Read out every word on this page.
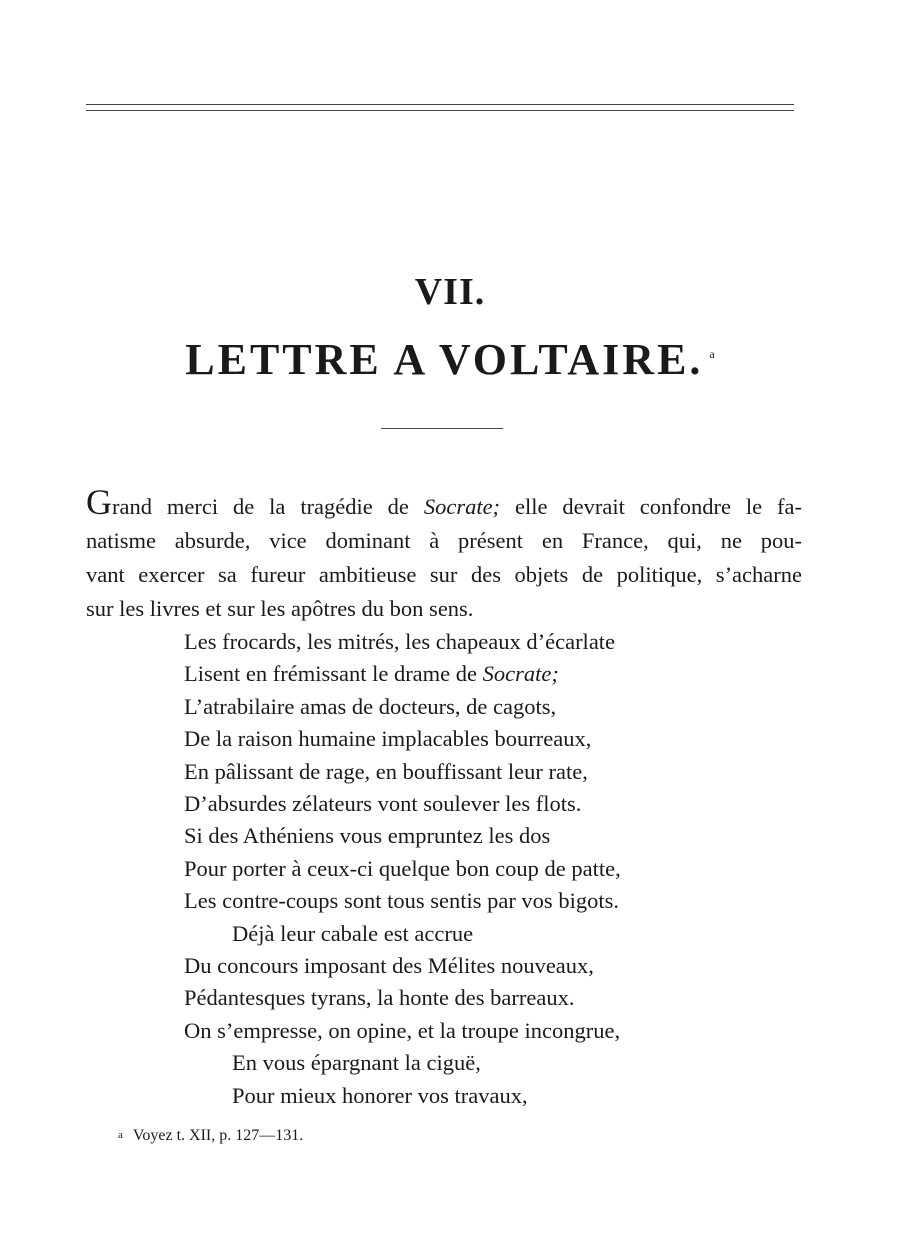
VII.
LETTRE A VOLTAIRE. $^a$
Grand merci de la tragédie de Socrate; elle devrait confondre le fa-
natisme absurde, vice dominant à présent en France, qui, ne pou-
vant exercer sa fureur ambitieuse sur des objets de politique, s’acharne
sur les livres et sur les apôtres du bon sens.
Les frocards, les mitrés, les chapeaux d’écarlate
Lisent en frémissant le drame de Socrate;
L’atrabilaire amas de docteurs, de cagots,
De la raison humaine implacables bourreaux,
En pâlissant de rage, en bouffissant leur rate,
D’absurdes zélateurs vont soulever les flots.
Si des Athéniens vous empruntez les dos
Pour porter à ceux-ci quelque bon coup de patte,
Les contre-coups sont tous sentis par vos bigots.
Déjà leur cabale est accrue
Du concours imposant des Mélites nouveaux,
Pédantesques tyrans, la honte des barreaux.
On s’empresse, on opine, et la troupe incongrue,
En vous épargnant la ciguë,
Pour mieux honorer vos travaux,
a Voyez t. XII, p. 127—131.
